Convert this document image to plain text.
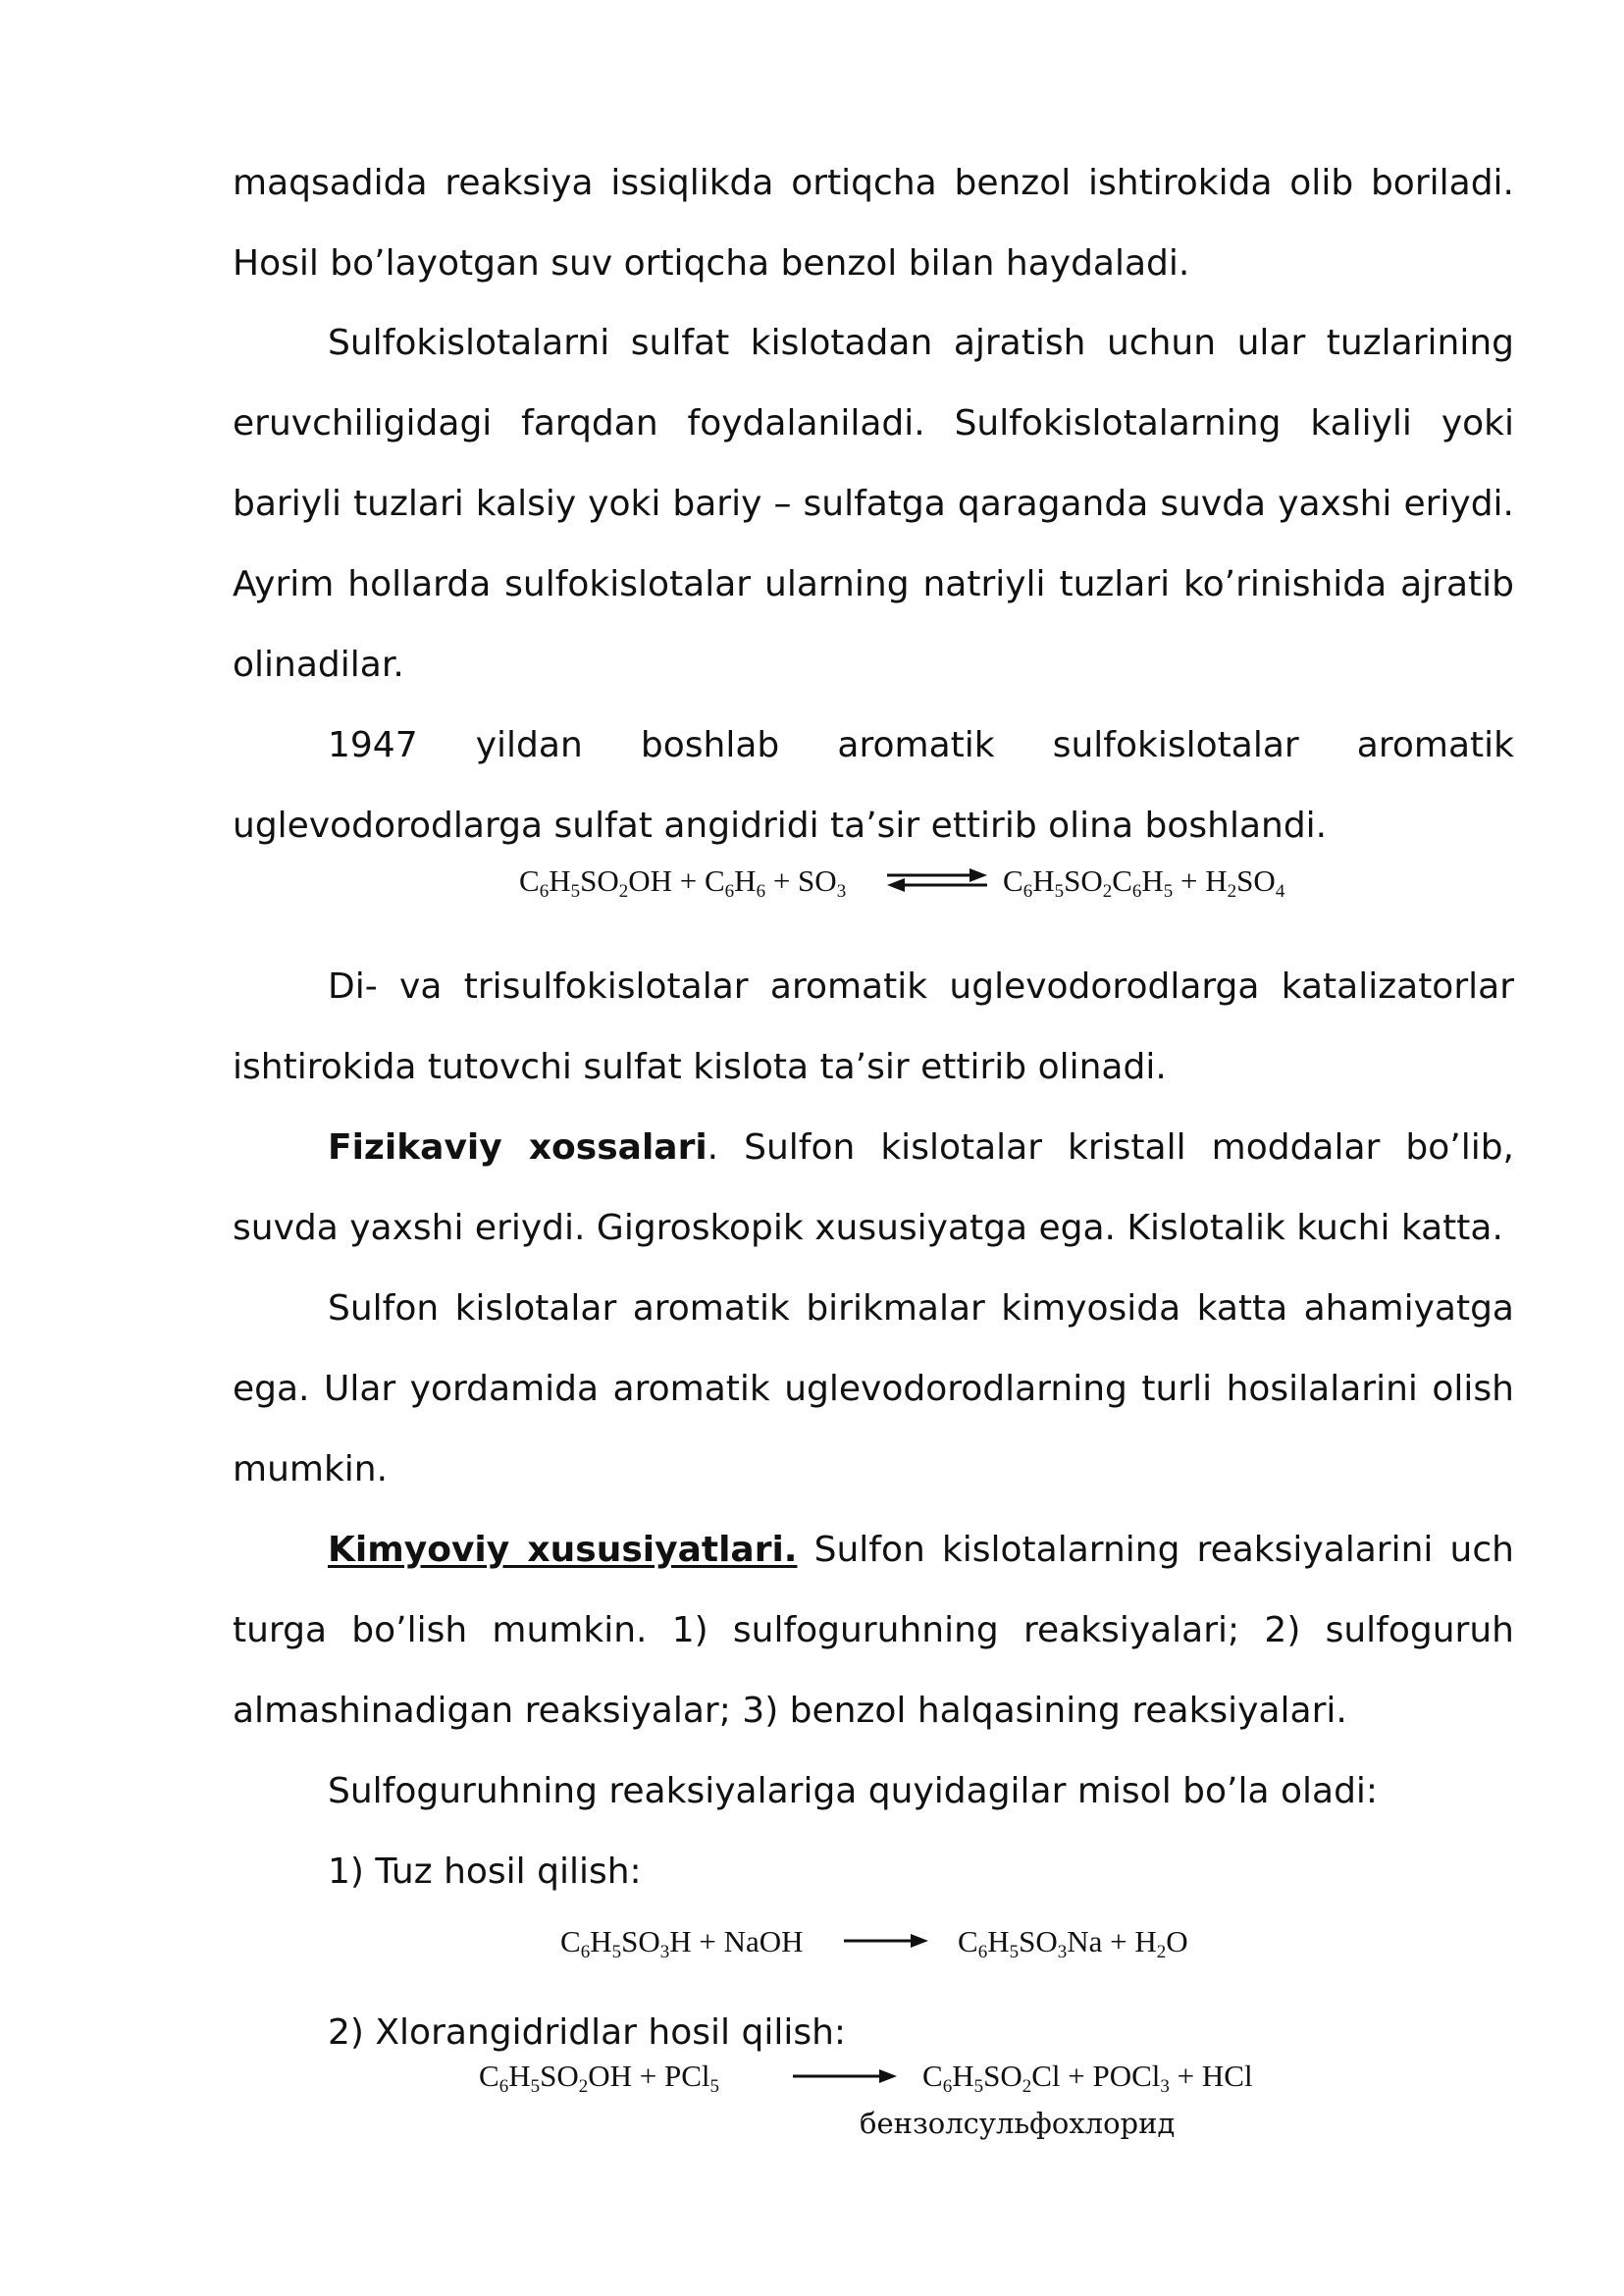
maqsadida reaksiya issiqlikda ortiqcha benzol ishtirokida olib boriladi. Hosil bo’layotgan suv ortiqcha benzol bilan haydaladi.

Sulfokislotalarni sulfat kislotadan ajratish uchun ular tuzlarining eruvchiligidagi farqdan foydalaniladi. Sulfokislotalarning kaliyli yoki bariyli tuzlari kalsiy yoki bariy – sulfatga qaraganda suvda yaxshi eriydi. Ayrim hollarda sulfokislotalar ularning natriyli tuzlari ko’rinishida ajratib olinadilar.

1947 yildan boshlab aromatik sulfokislotalar aromatik uglevodorodlarga sulfat angidridi ta’sir ettirib olina boshlandi.

$C_6H_5SO_2OH + C_6H_6 + SO_3$	$C_6H_5SO_2C_6H_5 + H_2SO_4$

Di- va trisulfokislotalar aromatik uglevodorodlarga katalizatorlar ishtirokida tutovchi sulfat kislota ta’sir ettirib olinadi.

Fizikaviy xossalari. Sulfon kislotalar kristall moddalar bo’lib, suvda yaxshi eriydi. Gigroskopik xususiyatga ega. Kislotalik kuchi katta.

Sulfon kislotalar aromatik birikmalar kimyosida katta ahamiyatga ega. Ular yordamida aromatik uglevodorodlarning turli hosilalarini olish mumkin.

Kimyoviy xususiyatlari. Sulfon kislotalarning reaksiyalarini uch turga bo’lish mumkin. 1) sulfoguruhning reaksiyalari; 2) sulfoguruh almashinadigan reaksiyalar; 3) benzol halqasining reaksiyalari.

Sulfoguruhning reaksiyalariga quyidagilar misol bo’la oladi:

1) Tuz hosil qilish:

$C_6H_5SO_3H$ + NaOH	$C_6H_5SO_3Na + H_2O$

2) Xlorangidridlar hosil qilish:

$C_6H_5SO_2OH + PCl_5$	$C_6H_5SO_2Cl$ + POCl$_3$ + HCl
бензолсульфохлорид
